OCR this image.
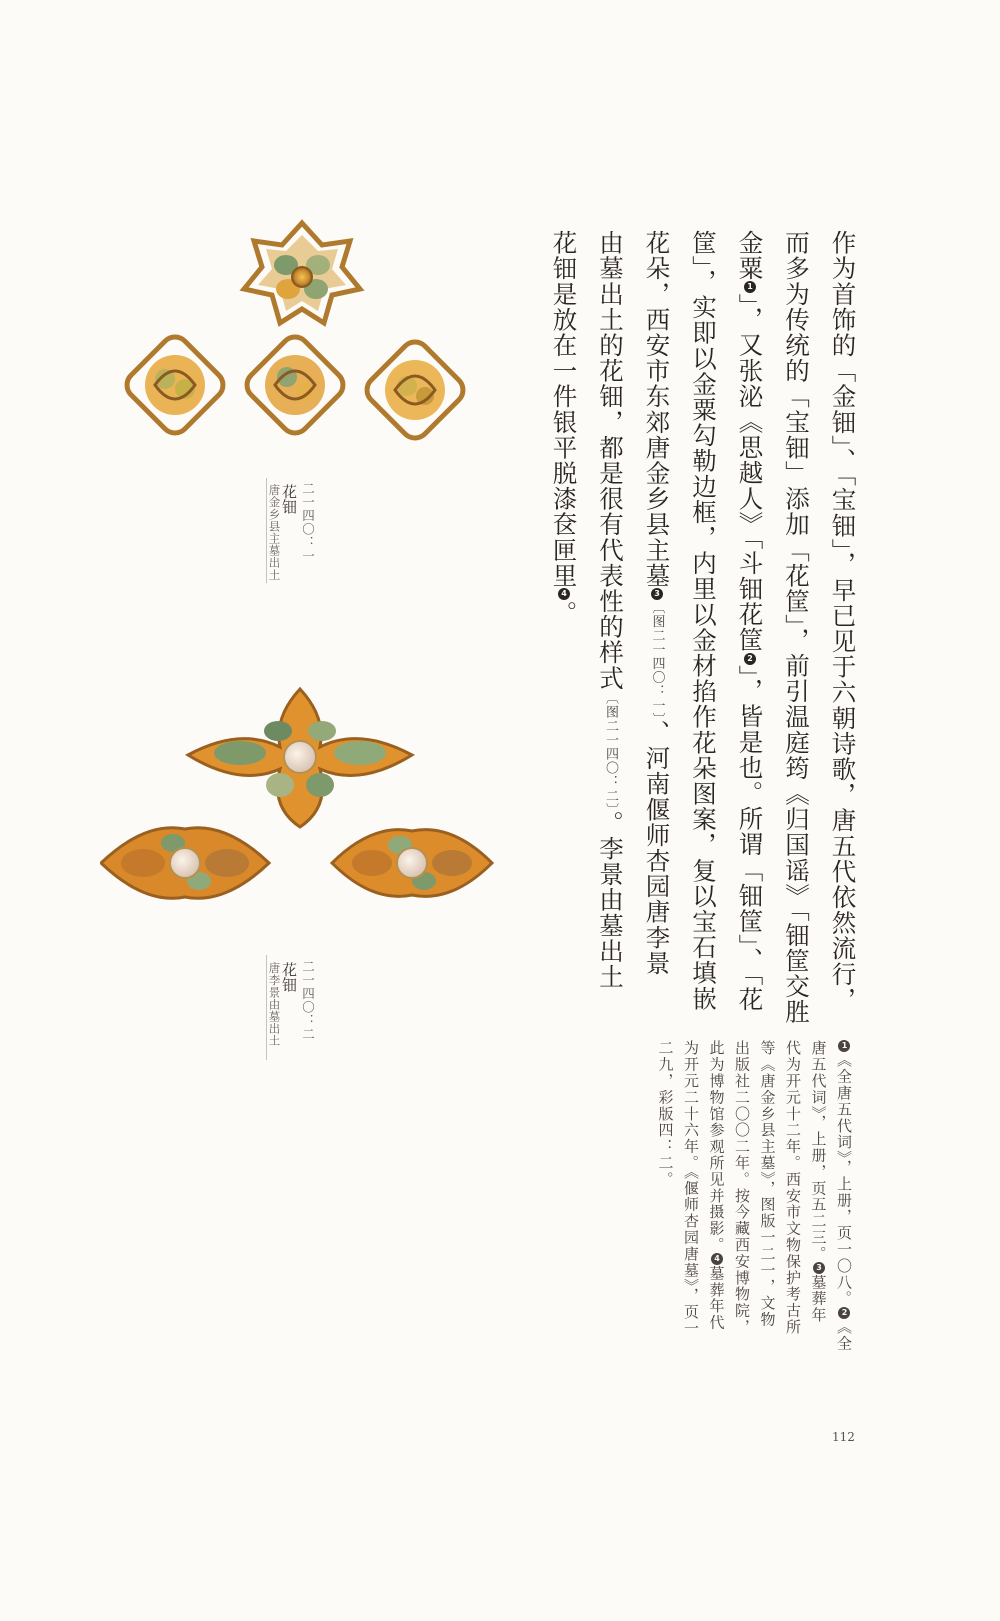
二一四〇：一
花钿
唐金乡县主墓出土
二一四〇：二
花钿
唐李景由墓出土	作为首饰的「金钿」、「宝钿」，早已见于六朝诗歌，唐五代依然流行，
而多为传统的「宝钿」添加「花筐」，前引温庭筠《归国谣》「钿筐交胜
金粟1」，又张泌《思越人》「斗钿花筐2」，皆是也。所谓「钿筐」、「花
筐」，实即以金粟勾勒边框，内里以金材掐作花朵图案，复以宝石填嵌
花朵，西安市东郊唐金乡县主墓3〔图二一四〇：一〕、河南偃师杏园唐李景
由墓出土的花钿，都是很有代表性的样式〔图二一四〇：二〕。李景由墓出土
花钿是放在一件银平脱漆奁匣里4。
1《全唐五代词》，上册，页一〇八。2《全
唐五代词》，上册，页五二三。3墓葬年
代为开元十二年。西安市文物保护考古所
等《唐金乡县主墓》，图版一二一，文物
出版社二〇〇二年。按今藏西安博物院，
此为博物馆参观所见并摄影。4墓葬年代
为开元二十六年。《偃师杏园唐墓》，页一
二九，彩版四：二。
112
